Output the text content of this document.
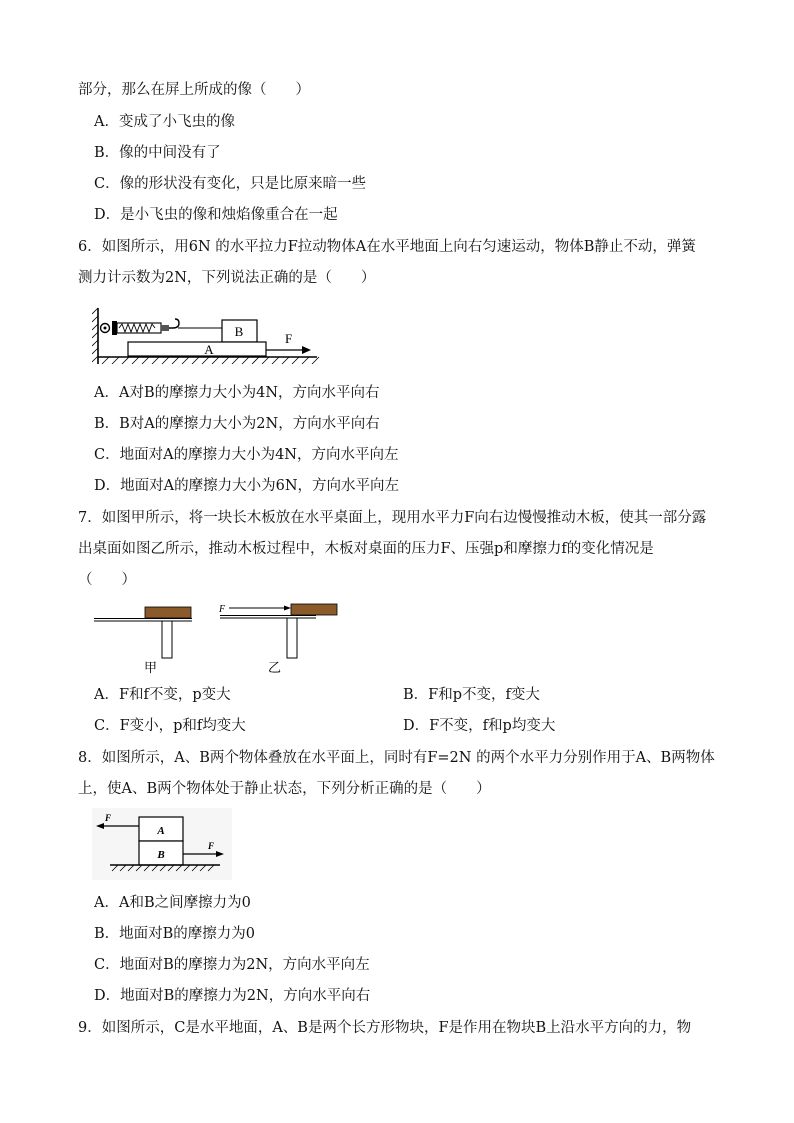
部分，那么在屏上所成的像（　　）
A．变成了小飞虫的像
B．像的中间没有了
C．像的形状没有变化，只是比原来暗一些
D．是小飞虫的像和烛焰像重合在一起
6．如图所示，用6N 的水平拉力F拉动物体A在水平地面上向右匀速运动，物体B静止不动，弹簧
测力计示数为2N，下列说法正确的是（　　）
B
A
F
A．A对B的摩擦力大小为4N，方向水平向右
B．B对A的摩擦力大小为2N，方向水平向右
C．地面对A的摩擦力大小为4N，方向水平向左
D．地面对A的摩擦力大小为6N，方向水平向左
7．如图甲所示，将一块长木板放在水平桌面上，现用水平力F向右边慢慢推动木板，使其一部分露
出桌面如图乙所示，推动木板过程中，木板对桌面的压力F、压强p和摩擦力f的变化情况是
（　　）
甲
F
乙
A．F和f不变，p变大	B．F和p不变，f变大
C．F变小，p和f均变大	D．F不变，f和p均变大
8．如图所示，A、B两个物体叠放在水平面上，同时有F=2N 的两个水平力分别作用于A、B两物体
上，使A、B两个物体处于静止状态，下列分析正确的是（　　）
A
B
F
F
A．A和B之间摩擦力为0
B．地面对B的摩擦力为0
C．地面对B的摩擦力为2N，方向水平向左
D．地面对B的摩擦力为2N，方向水平向右
9．如图所示，C是水平地面，A、B是两个长方形物块，F是作用在物块B上沿水平方向的力，物
